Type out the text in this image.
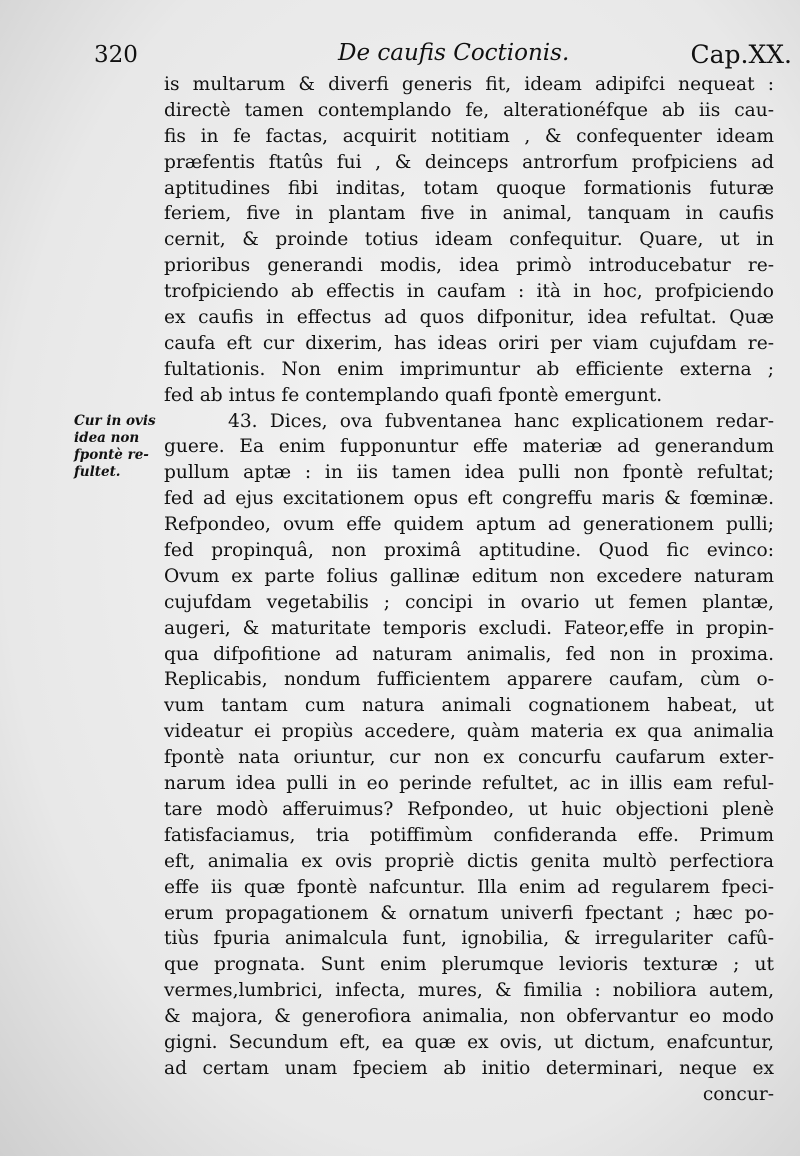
320	De caufis Coctionis.	Cap.XX.
Cur in ovis
idea non
fpontè re-
fultet.
is multarum & diverfi generis fit, ideam adipifci nequeat :
directè tamen contemplando fe, alterationéfque ab iis cau-
fis in fe factas, acquirit notitiam , & confequenter ideam
præfentis ftatûs fui , & deinceps antrorfum profpiciens ad
aptitudines fibi inditas, totam quoque formationis futuræ
feriem, five in plantam five in animal, tanquam in caufis
cernit, & proinde totius ideam confequitur. Quare, ut in
prioribus generandi modis, idea primò introducebatur re-
trofpiciendo ab effectis in caufam : ità in hoc, profpiciendo
ex caufis in effectus ad quos difponitur, idea refultat. Quæ
caufa eft cur dixerim, has ideas oriri per viam cujufdam re-
fultationis. Non enim imprimuntur ab efficiente externa ;
fed ab intus fe contemplando quafi fpontè emergunt.
43. Dices, ova fubventanea hanc explicationem redar-
guere. Ea enim fupponuntur effe materiæ ad generandum
pullum aptæ : in iis tamen idea pulli non fpontè refultat;
fed ad ejus excitationem opus eft congreffu maris & fœminæ.
Refpondeo, ovum effe quidem aptum ad generationem pulli;
fed propinquâ, non proximâ aptitudine. Quod fic evinco:
Ovum ex parte folius gallinæ editum non excedere naturam
cujufdam vegetabilis ; concipi in ovario ut femen plantæ,
augeri, & maturitate temporis excludi. Fateor,effe in propin-
qua difpofitione ad naturam animalis, fed non in proxima.
Replicabis, nondum fufficientem apparere caufam, cùm o-
vum tantam cum natura animali cognationem habeat, ut
videatur ei propiùs accedere, quàm materia ex qua animalia
fpontè nata oriuntur, cur non ex concurfu caufarum exter-
narum idea pulli in eo perinde refultet, ac in illis eam reful-
tare modò afferuimus? Refpondeo, ut huic objectioni plenè
fatisfaciamus, tria potiffimùm confideranda effe. Primum
eft, animalia ex ovis propriè dictis genita multò perfectiora
effe iis quæ fpontè nafcuntur. Illa enim ad regularem fpeci-
erum propagationem & ornatum univerfi fpectant ; hæc po-
tiùs fpuria animalcula funt, ignobilia, & irregulariter cafû-
que prognata. Sunt enim plerumque levioris texturæ ; ut
vermes,lumbrici, infecta, mures, & fimilia : nobiliora autem,
& majora, & generofiora animalia, non obfervantur eo modo
gigni. Secundum eft, ea quæ ex ovis, ut dictum, enafcuntur,
ad certam unam fpeciem ab initio determinari, neque ex
concur-
